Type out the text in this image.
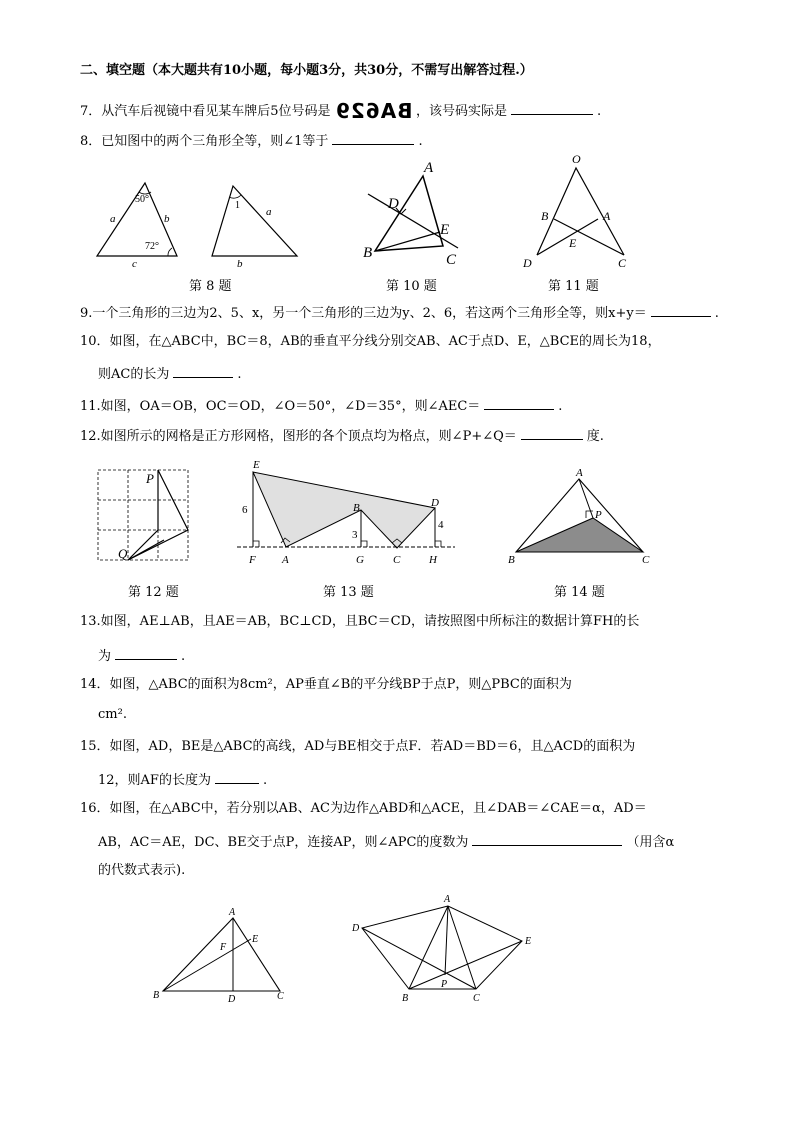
二、填空题（本大题共有10小题，每小题3分，共30分，不需写出解答过程.）
7．从汽车后视镜中看见某车牌后5位号码是 BA629 ，该号码实际是	.
8．已知图中的两个三角形全等，则∠1等于	.
50°
72°
a	b
c
1
a
b
A
D
E
B	C
O
B	A
E
D	C
第 8 题	第 10 题	第 11 题
9.一个三角形的三边为2、5、x，另一个三角形的三边为y、2、6，若这两个三角形全等，则x+y＝	.
10．如图，在△ABC中，BC＝8，AB的垂直平分线分别交AB、AC于点D、E，△BCE的周长为18，
则AC的长为	.
11.如图，OA＝OB，OC＝OD，∠O＝50°，∠D＝35°，则∠AEC＝	.
12.如图所示的网格是正方形网格，图形的各个顶点均为格点，则∠P+∠Q＝	度.
P
Q
E
D
B
6
3
4
F A	G	C	H
A
P
B	C
第 12 题	第 13 题	第 14 题
13.如图，AE⊥AB，且AE＝AB，BC⊥CD，且BC＝CD，请按照图中所标注的数据计算FH的长
为	.
14．如图，△ABC的面积为8cm²，AP垂直∠B的平分线BP于点P，则△PBC的面积为
cm².
15．如图，AD，BE是△ABC的高线，AD与BE相交于点F．若AD＝BD＝6，且△ACD的面积为
12，则AF的长度为	.
16．如图，在△ABC中，若分别以AB、AC为边作△ABD和△ACE，且∠DAB＝∠CAE＝α，AD＝
AB，AC＝AE，DC、BE交于点P，连接AP，则∠APC的度数为	（用含α
的代数式表示).
A
F
E
B	D	C
A
D
E
P
B	C
